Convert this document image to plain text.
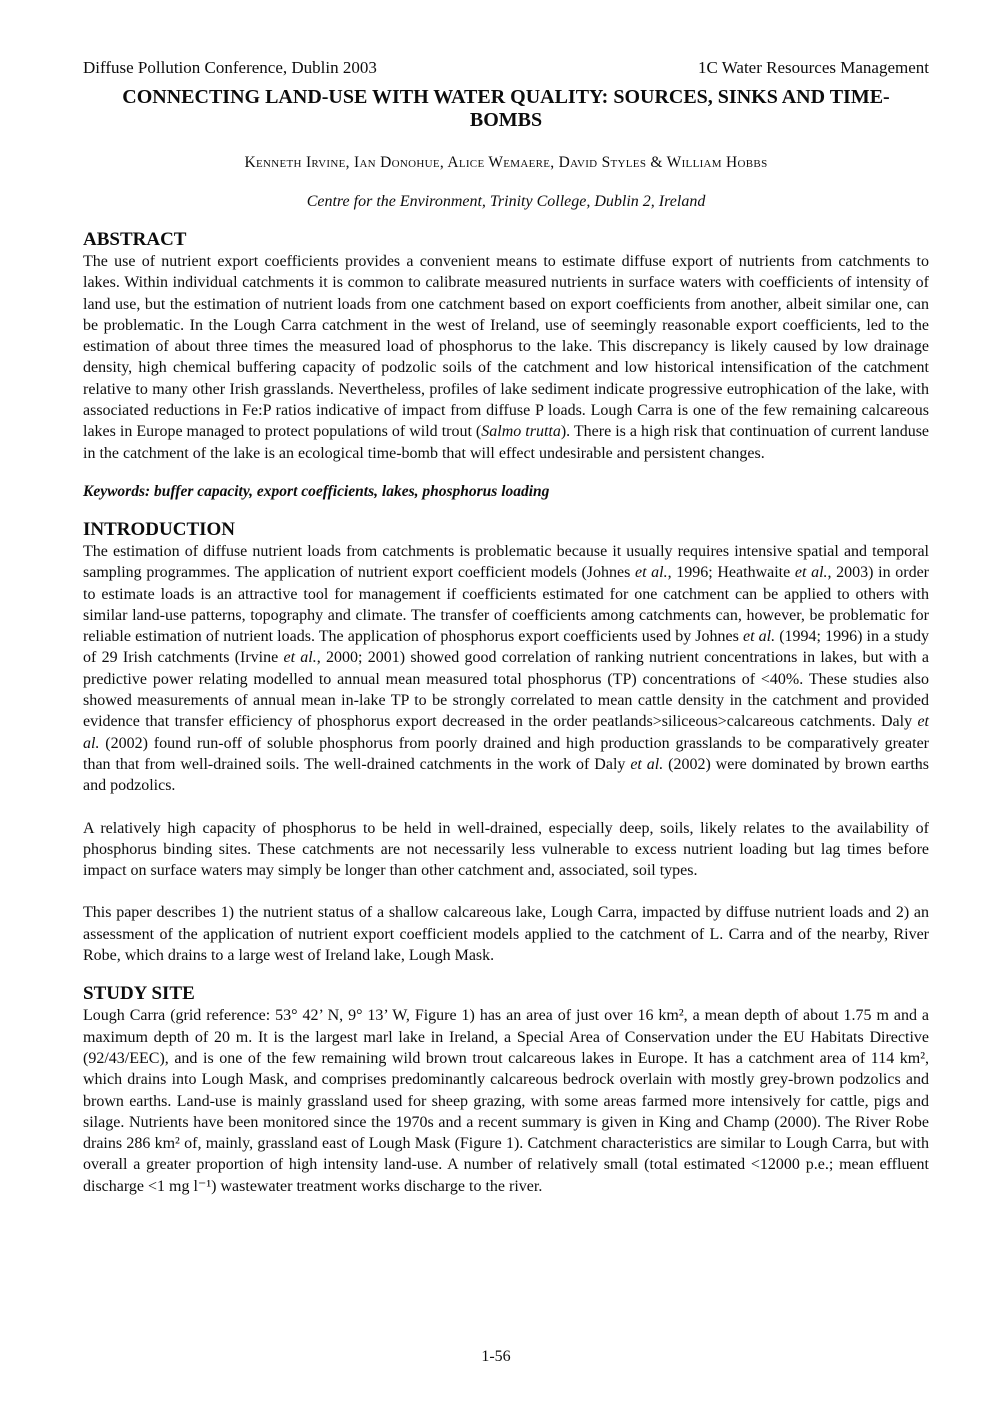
Diffuse Pollution Conference, Dublin 2003	1C Water Resources Management
CONNECTING LAND-USE WITH WATER QUALITY: SOURCES, SINKS AND TIME-BOMBS
Kenneth Irvine, Ian Donohue, Alice Wemaere, David Styles & William Hobbs
Centre for the Environment, Trinity College, Dublin 2, Ireland
ABSTRACT

The use of nutrient export coefficients provides a convenient means to estimate diffuse export of nutrients from catchments to lakes. Within individual catchments it is common to calibrate measured nutrients in surface waters with coefficients of intensity of land use, but the estimation of nutrient loads from one catchment based on export coefficients from another, albeit similar one, can be problematic. In the Lough Carra catchment in the west of Ireland, use of seemingly reasonable export coefficients, led to the estimation of about three times the measured load of phosphorus to the lake. This discrepancy is likely caused by low drainage density, high chemical buffering capacity of podzolic soils of the catchment and low historical intensification of the catchment relative to many other Irish grasslands. Nevertheless, profiles of lake sediment indicate progressive eutrophication of the lake, with associated reductions in Fe:P ratios indicative of impact from diffuse P loads. Lough Carra is one of the few remaining calcareous lakes in Europe managed to protect populations of wild trout (Salmo trutta). There is a high risk that continuation of current landuse in the catchment of the lake is an ecological time-bomb that will effect undesirable and persistent changes.

Keywords: buffer capacity, export coefficients, lakes, phosphorus loading

INTRODUCTION

The estimation of diffuse nutrient loads from catchments is problematic because it usually requires intensive spatial and temporal sampling programmes. The application of nutrient export coefficient models (Johnes et al., 1996; Heathwaite et al., 2003) in order to estimate loads is an attractive tool for management if coefficients estimated for one catchment can be applied to others with similar land-use patterns, topography and climate. The transfer of coefficients among catchments can, however, be problematic for reliable estimation of nutrient loads. The application of phosphorus export coefficients used by Johnes et al. (1994; 1996) in a study of 29 Irish catchments (Irvine et al., 2000; 2001) showed good correlation of ranking nutrient concentrations in lakes, but with a predictive power relating modelled to annual mean measured total phosphorus (TP) concentrations of <40%. These studies also showed measurements of annual mean in-lake TP to be strongly correlated to mean cattle density in the catchment and provided evidence that transfer efficiency of phosphorus export decreased in the order peatlands>siliceous>calcareous catchments. Daly et al. (2002) found run-off of soluble phosphorus from poorly drained and high production grasslands to be comparatively greater than that from well-drained soils. The well-drained catchments in the work of Daly et al. (2002) were dominated by brown earths and podzolics.

A relatively high capacity of phosphorus to be held in well-drained, especially deep, soils, likely relates to the availability of phosphorus binding sites. These catchments are not necessarily less vulnerable to excess nutrient loading but lag times before impact on surface waters may simply be longer than other catchment and, associated, soil types.

This paper describes 1) the nutrient status of a shallow calcareous lake, Lough Carra, impacted by diffuse nutrient loads and 2) an assessment of the application of nutrient export coefficient models applied to the catchment of L. Carra and of the nearby, River Robe, which drains to a large west of Ireland lake, Lough Mask.

STUDY SITE

Lough Carra (grid reference: 53° 42’ N, 9° 13’ W, Figure 1) has an area of just over 16 km², a mean depth of about 1.75 m and a maximum depth of 20 m. It is the largest marl lake in Ireland, a Special Area of Conservation under the EU Habitats Directive (92/43/EEC), and is one of the few remaining wild brown trout calcareous lakes in Europe. It has a catchment area of 114 km², which drains into Lough Mask, and comprises predominantly calcareous bedrock overlain with mostly grey-brown podzolics and brown earths. Land-use is mainly grassland used for sheep grazing, with some areas farmed more intensively for cattle, pigs and silage. Nutrients have been monitored since the 1970s and a recent summary is given in King and Champ (2000). The River Robe drains 286 km² of, mainly, grassland east of Lough Mask (Figure 1). Catchment characteristics are similar to Lough Carra, but with overall a greater proportion of high intensity land-use. A number of relatively small (total estimated <12000 p.e.; mean effluent discharge <1 mg l⁻¹) wastewater treatment works discharge to the river.

1-56
